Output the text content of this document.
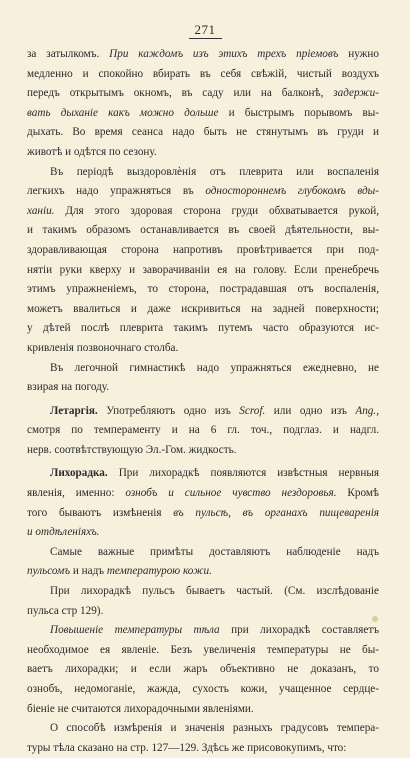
271
за затылкомъ. При каждомъ изъ этихъ трехъ пріемовъ нужно
медленно и спокойно вбирать въ себя свѣжій, чистый воздухъ
передъ открытымъ окномъ, въ саду или на балконѣ, задержи-
вать дыханіе какъ можно дольше и быстрымъ порывомъ вы-
дыхать. Во время сеанса надо быть не стянутымъ въ груди и
животѣ и одѣтся по сезону.
Въ періодѣ выздоровлѐнія отъ плеврита или воспаленія
легкихъ надо упражняться въ одностороннемъ глубокомъ вды-
ханіи. Для этого здоровая сторона груди обхватывается рукой,
и такимъ образомъ останавливается въ своей дѣятельности, вы-
здоравливающая сторона напротивъ провѣтривается при под-
нятіи руки кверху и заворачиваніи ея на голову. Если пренебречь
этимъ упражненіемъ, то сторона, пострадавшая отъ воспаленія,
можетъ ввалиться и даже искривиться на задней поверхности;
у дѣтей послѣ плеврита такимъ путемъ часто образуются ис-
кривленія позвоночнаго столба.
Въ легочной гимнастикѣ надо упражняться ежедневно, не
взирая на погоду.
Летаргія. Употребляютъ одно изъ Scrof. или одно изъ Ang.,
смотря по темпераменту и на 6 гл. точ., подглаз. и надгл.
нерв. соотвѣтствующую Эл.-Гом. жидкость.
Лихорадка. При лихорадкѣ появляются извѣстныя нервныя
явленія, именно: ознобъ и сильное чувство нездоровья. Кромѣ
того бываютъ измѣненія въ пульсѣ, въ органахъ пищеваренія
и отдѣленіяхъ.
Самые важные примѣты доставляютъ наблюденіе надъ
пульсомъ и надъ температурою кожи.
При лихорадкѣ пульсъ бываетъ частый. (См. изслѣдованіе
пульса стр 129).
Повышеніе температуры тѣла при лихорадкѣ составляетъ
необходимое ея явленіе. Безъ увеличенія температуры не бы-
ваетъ лихорадки; и если жаръ объективно не доказанъ, то
ознобъ, недомоганіе, жажда, сухость кожи, учащенное сердце-
біеніе не считаются лихорадочными явленіями.
О способѣ измѣренія и значенія разныхъ градусовъ темпера-
туры тѣла сказано на стр. 127—129. Здѣсь же присовокупимъ, что:
